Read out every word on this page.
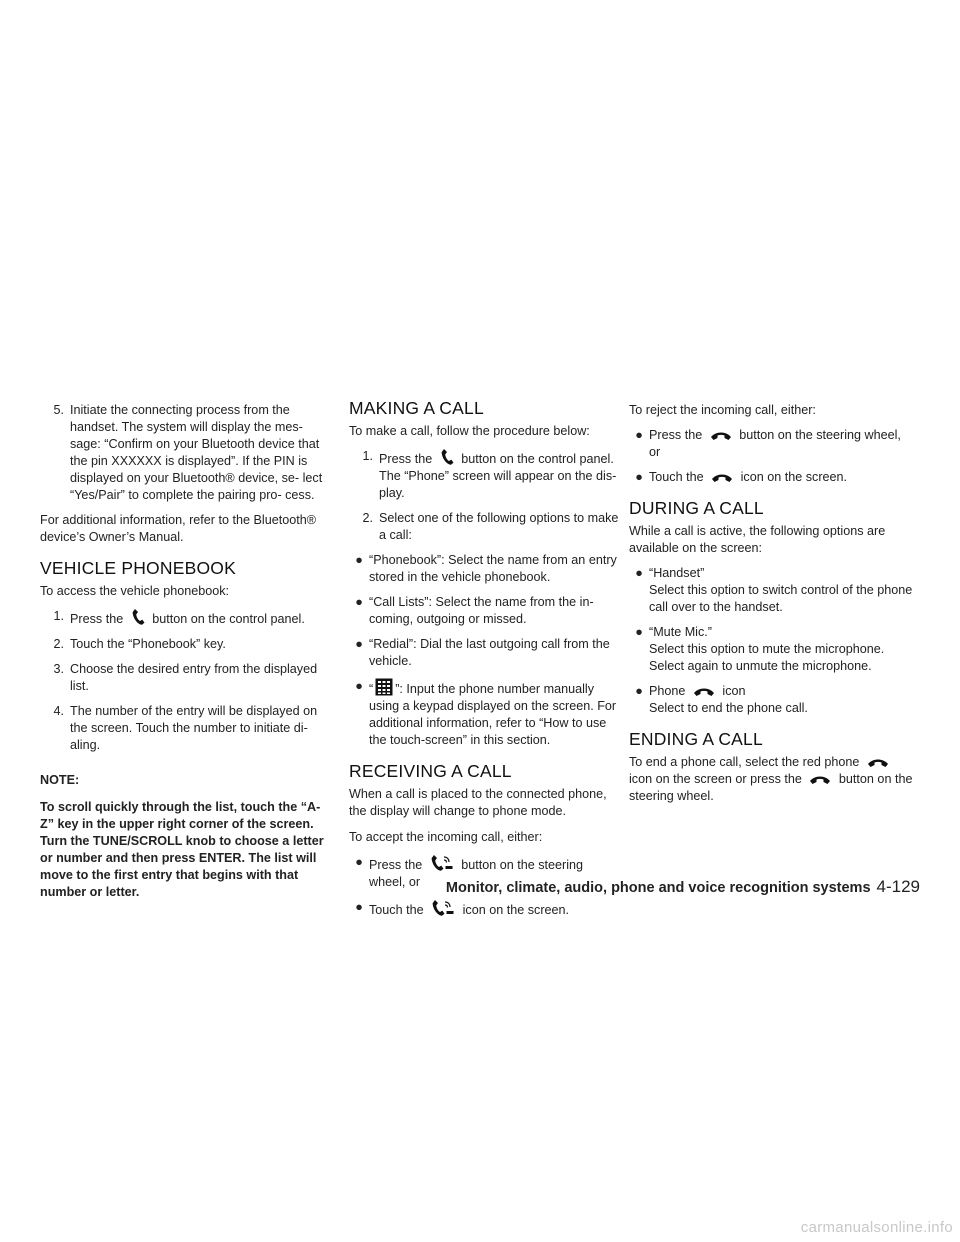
5. Initiate the connecting process from the handset. The system will display the mes- sage: “Confirm on your Bluetooth device that the pin XXXXXX is displayed”. If the PIN is displayed on your Bluetooth® device, se- lect “Yes/Pair” to complete the pairing pro- cess.

For additional information, refer to the Bluetooth® device’s Owner’s Manual.

VEHICLE PHONEBOOK

To access the vehicle phonebook:

1. Press the button on the control panel.
2. Touch the “Phonebook” key.
3. Choose the desired entry from the displayed list.
4. The number of the entry will be displayed on the screen. Touch the number to initiate di- aling.
NOTE:
To scroll quickly through the list, touch the “A-Z” key in the upper right corner of the screen. Turn the TUNE/SCROLL knob to choose a letter or number and then press ENTER. The list will move to the first entry that begins with that number or letter.
MAKING A CALL

To make a call, follow the procedure below:

1. Press the button on the control panel. The “Phone” screen will appear on the dis- play.
2. Select one of the following options to make a call:
● “Phonebook”: Select the name from an entry stored in the vehicle phonebook.
● “Call Lists”: Select the name from the in- coming, outgoing or missed.
● “Redial”: Dial the last outgoing call from the vehicle.
● “ ”: Input the phone number manually using a keypad displayed on the screen. For additional information, refer to “How to use the touch-screen” in this section.
RECEIVING A CALL

When a call is placed to the connected phone, the display will change to phone mode.

To accept the incoming call, either:

● Press the	button on the steering wheel, or
● Touch the	icon on the screen.

To reject the incoming call, either:

● Press the	button on the steering wheel, or
● Touch the	icon on the screen.
DURING A CALL

While a call is active, the following options are available on the screen:

● “Handset”
Select this option to switch control of the phone call over to the handset.
● “Mute Mic.”
Select this option to mute the microphone. Select again to unmute the microphone.
● Phone	icon
Select to end the phone call.
ENDING A CALL

To end a phone call, select the red phone  icon on the screen or press the	button on the steering wheel.

Monitor, climate, audio, phone and voice recognition systems 4-129
carmanualsonline.info
